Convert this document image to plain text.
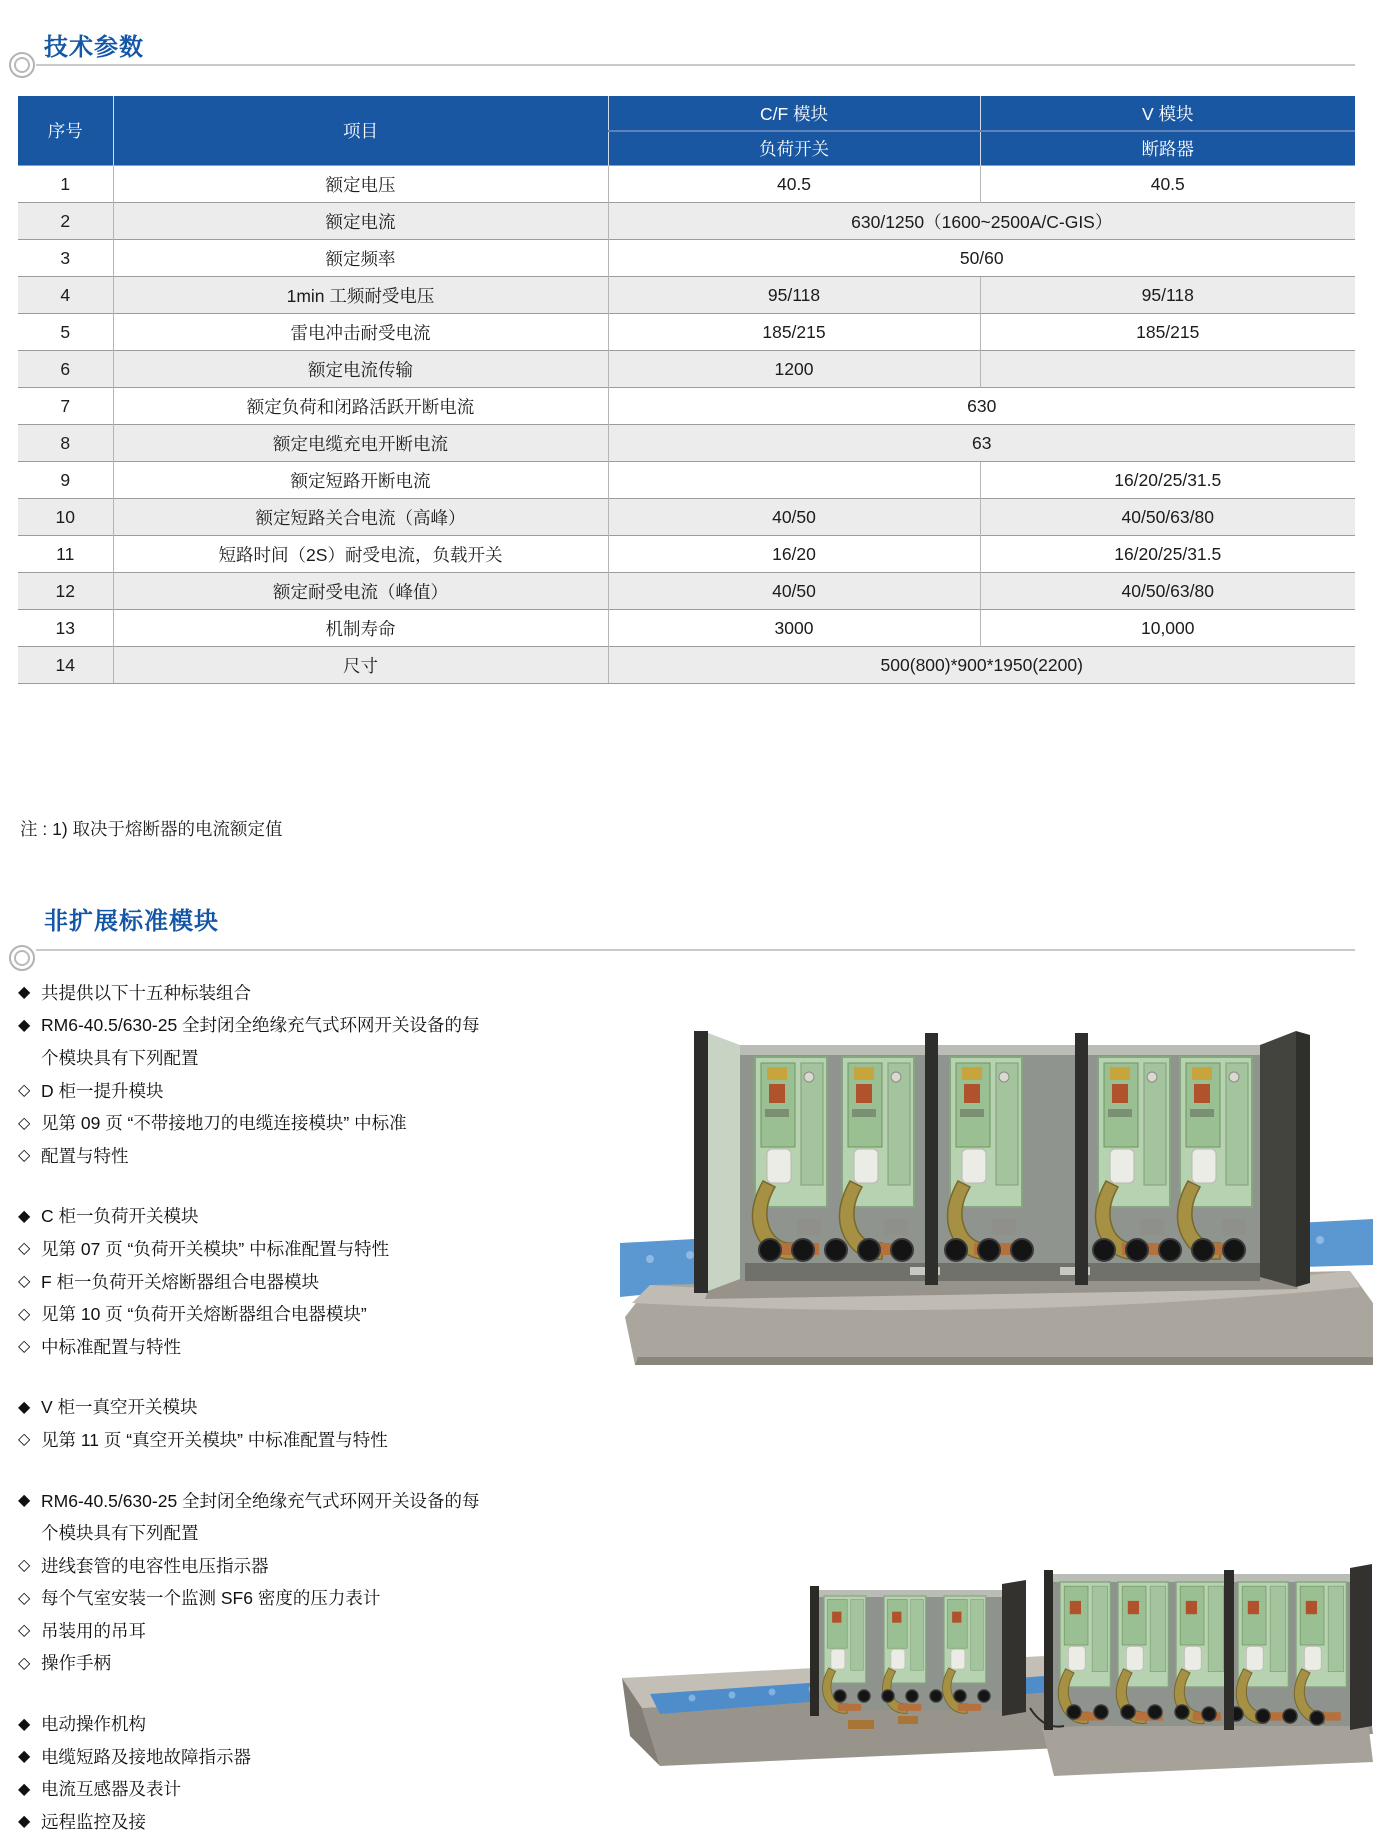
技术参数
序号	项目	C/F 模块	V 模块
		负荷开关	断路器
1	额定电压	40.5	40.5
2	额定电流	630/1250（1600~2500A/C-GIS）	
3	额定频率	50/60	
4	1min 工频耐受电压	95/118	95/118
5	雷电冲击耐受电流	185/215	185/215
6	额定电流传输	1200	
7	额定负荷和闭路活跃开断电流	630	
8	额定电缆充电开断电流	63	
9	额定短路开断电流		16/20/25/31.5
10	额定短路关合电流（高峰）	40/50	40/50/63/80
11	短路时间（2S）耐受电流，负载开关	16/20	16/20/25/31.5
12	额定耐受电流（峰值）	40/50	40/50/63/80
13	机制寿命	3000	10,000
14	尺寸	500(800)*900*1950(2200)	
注 : 1) 取决于熔断器的电流额定值
非扩展标准模块
◆ 共提供以下十五种标装组合
◆ RM6-40.5/630-25 全封闭全绝缘充气式环网开关设备的每
个模块具有下列配置
◇ D 柜一提升模块
◇ 见第 09 页 “不带接地刀的电缆连接模块” 中标准
◇ 配置与特性
◆ C 柜一负荷开关模块
◇ 见第 07 页 “负荷开关模块” 中标准配置与特性
◇ F 柜一负荷开关熔断器组合电器模块
◇ 见第 10 页 “负荷开关熔断器组合电器模块”
◇ 中标准配置与特性
◆ V 柜一真空开关模块
◇ 见第 11 页 “真空开关模块” 中标准配置与特性
◆ RM6-40.5/630-25 全封闭全绝缘充气式环网开关设备的每
个模块具有下列配置
◇ 进线套管的电容性电压指示器
◇ 每个气室安装一个监测 SF6 密度的压力表计
◇ 吊装用的吊耳
◇ 操作手柄
◆ 电动操作机构
◆ 电缆短路及接地故障指示器
◆ 电流互感器及表计
◆ 远程监控及接
